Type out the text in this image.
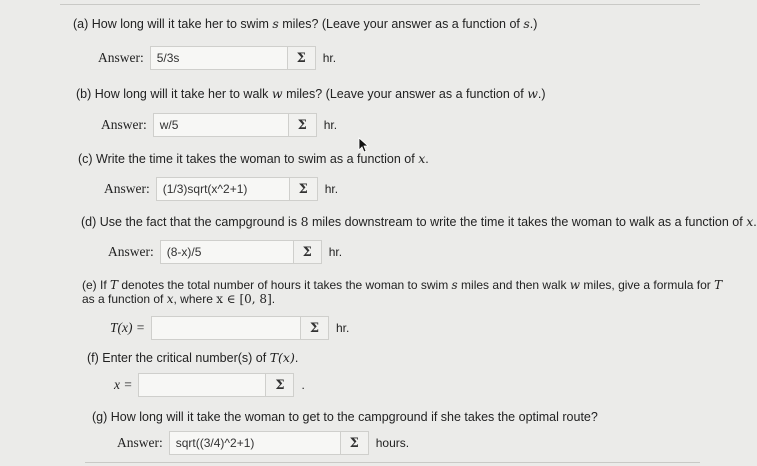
(a) How long will it take her to swim s miles? (Leave your answer as a function of s.)
Answer:	5/3s	Σ	hr.
(b) How long will it take her to walk w miles? (Leave your answer as a function of w.)
Answer:	w/5	Σ	hr.
(c) Write the time it takes the woman to swim as a function of x.
Answer:	(1/3)sqrt(x^2+1)	Σ	hr.
(d) Use the fact that the campground is 8 miles downstream to write the time it takes the woman to walk as a function of x.
Answer:	(8-x)/5	Σ	hr.
(e) If T denotes the total number of hours it takes the woman to swim s miles and then walk w miles, give a formula for T
as a function of x, where x ∈ [0, 8].
T(x) =	Σ	hr.
(f) Enter the critical number(s) of T(x).
x =	Σ	.
(g) How long will it take the woman to get to the campground if she takes the optimal route?
Answer:	sqrt((3/4)^2+1)	Σ	hours.
